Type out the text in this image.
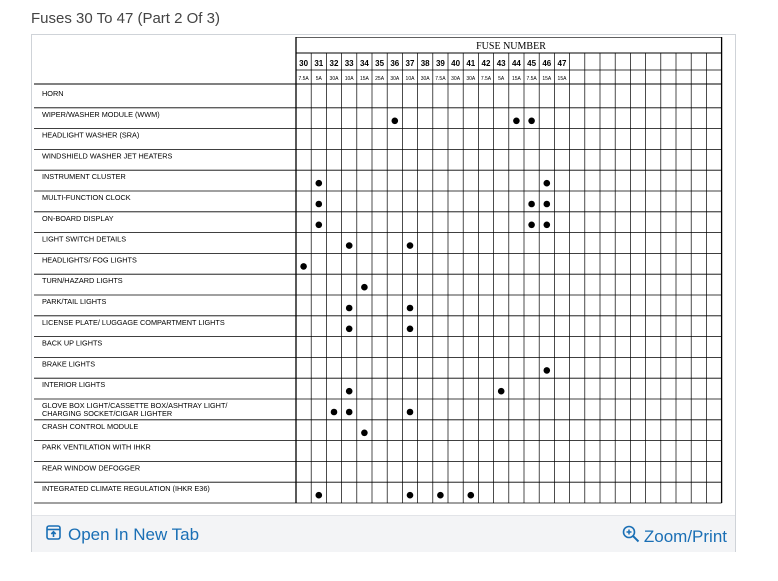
Fuses 30 To 47 (Part 2 Of 3)
FUSE NUMBER
30
7.5A
31
5A
32
30A
33
10A
34
15A
35
25A
36
30A
37
10A
38
30A
39
7.5A
40
30A
41
30A
42
7.5A
43
5A
44
15A
45
7.5A
46
15A
47
15A
HORN
WIPER/WASHER MODULE (WWM)
HEADLIGHT WASHER (SRA)
WINDSHIELD WASHER JET HEATERS
INSTRUMENT CLUSTER
MULTI-FUNCTION CLOCK
ON-BOARD DISPLAY
LIGHT SWITCH DETAILS
HEADLIGHTS/ FOG LIGHTS
TURN/HAZARD LIGHTS
PARK/TAIL LIGHTS
LICENSE PLATE/ LUGGAGE COMPARTMENT LIGHTS
BACK UP LIGHTS
BRAKE LIGHTS
INTERIOR LIGHTS
GLOVE BOX LIGHT/CASSETTE BOX/ASHTRAY LIGHT/
CHARGING SOCKET/CIGAR LIGHTER
CRASH CONTROL MODULE
PARK VENTILATION WITH IHKR
REAR WINDOW DEFOGGER
INTEGRATED CLIMATE REGULATION (IHKR E36)
Open In New Tab	Zoom/Print
